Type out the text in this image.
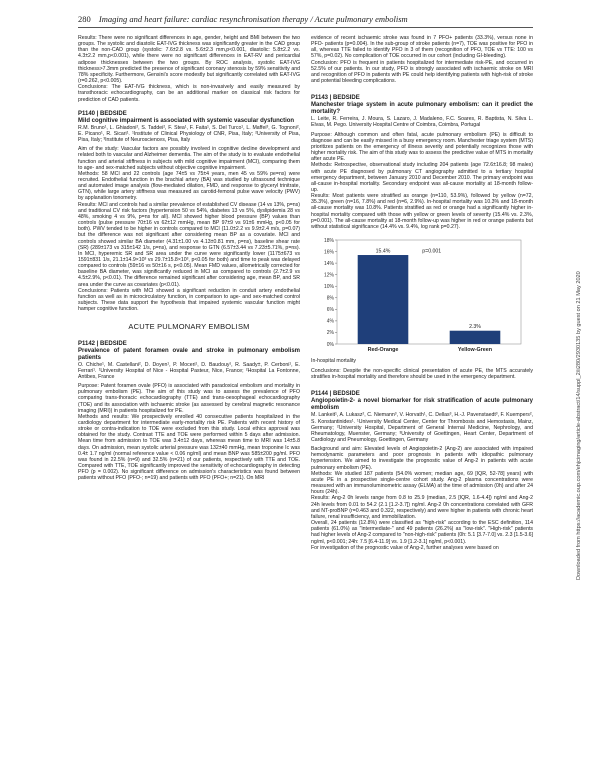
280 Imaging and heart failure: cardiac resynchronisation therapy / Acute pulmonary embolism

Results: There were no significant differences in age, gender, height and BMI between the two groups. The systolic and diastolic EAT-IVG thickness was significantly greater in the CAD group than the non-CAD group (systolic: 7.6±2.8 vs. 5.6±2.3 mm,p<0.001, diastolic: 5.8±2.2 vs. 4.3±2.2 mm,p<0.001), while there were no significant differences in EAT-RV and pericardial adipose thicknesses between the two groups. By ROC analysis, systolic EAT-IVG thickness>7.3mm predicted the presence of significant coronary stenosis by 59% sensitivity and 78% specificity. Furthermore, Gensini's score modestly but significantly correlated with EAT-IVG (r=0.262, p<0.005).

Conclusions: The EAT-IVG thickness, which is non-invasively and easily measured by transthoracic echocardiography, can be an additional marker on classical risk factors for prediction of CAD patients.

P1140 | BEDSIDE
Mild cognitive impairment is associated with systemic vascular dysfunction

R.M. Bruno¹, L. Ghiadoni², S. Taddei², F. Stea¹, F. Faita¹, S. Del Turco¹, L. Maffei³, G. Tognoni², E. Picano¹, R. Sicari¹. ¹Institute of Clinical Physiology of CNR, Pisa, Italy; ²University of Pisa, Pisa, Italy; ³Institute of Neurosciences, Pisa, Italy

Aim of the study: Vascular factors are possibly involved in cognitive decline development and related both to vascular and Alzheimer dementia. The aim of the study is to evaluate endothelial function and arterial stiffness in subjects with mild cognitive impairment (MCI), comparing them to age- and sex-matched subjects without objective cognitive impairment.

Methods: 58 MCI and 22 controls (age 74±5 vs 75±4 years, men 45 vs 59% pe=ns) were recruited. Endothelial function in the brachial artery (BA) was studied by ultrasound technique and automated image analysis (flow-mediated dilation, FMD, and response to glyceryl trinitrate, GTN), while large artery stiffness was measured as carotid-femoral pulse wave velocity (PWV) by applanation tonometry.

Results: MCI and controls had a similar prevalence of established CV disease (14 vs 13%, p=ns) and traditional CV risk factors (hypertension 50 vs 54%, diabetes 13 vs 5%, dyslipidemia 28 vs 48%, smoking 4 vs 9%, p=ns for all). MCI showed higher blood pressure (BP) values than controls (pulse pressure 70±16 vs 62±12 mmHg, mean BP 97±9 vs 91±6 mmHg, p<0.05 for both). PWV tended to be higher in controls compared to MCI (11.0±2.2 vs 9.9±2.4 m/s, p=0.07) but the difference was not significant after considering mean BP as a covariate. MCI and controls showed similar BA diameter (4.31±1.00 vs 4.13±0.81 mm, p=ns), baseline shear rate (SR) (289±173 vs 315±142 1/s, p=ns), and response to GTN (6.57±3.44 vs 7.23±5.71%, p=ns). In MCI, hyperemic SR and SR area under the curve were significantly lower (1175±673 vs 1591±831 1/s, 21.1±14.9×10³ vs 29.7±15.8×10³, p<0.05 for both) and time to peak was delayed compared to controls (59±16 vs 50±16 s, p<0.05). Mean FMD values, allometrically corrected for baseline BA diameter, was significantly reduced in MCI as compared to controls (2.7±2.9 vs 4.5±2.9%, p<0.01). The difference remained significant after considering age, mean BP, and SR area under the curve as covariates (p<0.01).

Conclusions: Patients with MCI showed a significant reduction in conduit artery endothelial function as well as in microcirculatory function, in comparison to age- and sex-matched control subjects. These data support the hypothesis that impaired systemic vascular function might hamper cognitive function.

ACUTE PULMONARY EMBOLISM
P1142 | BEDSIDE
Prevalence of patent foramen ovale and stroke in pulmonary embolism patients

O. Chiche¹, M. Castellani², D. Doyen¹, P. Moceri¹, D. Baudouy¹, R. Saady±, P. Cerboni¹, E. Ferrari¹. ¹University Hospital of Nice - Hospital Pasteur, Nice, France; ²Hospital La Fontonne, Antibes, France

Purpose: Patent foramen ovale (PFO) is associated with paradoxical embolism and mortality in pulmonary embolism (PE). The aim of this study was to assess the prevalence of PFO comparing trans-thoracic echocardiography (TTE) and trans-oesophageal echocardiography (TOE) and its association with ischaemic stroke (as assessed by cerebral magnetic resonance imaging (MRI)) in patients hospitalized for PE.

Methods and results: We prospectively enrolled 40 consecutive patients hospitalized in the cardiology department for intermediate early-mortality risk PE. Patients with recent history of stroke or contra-indication to TOE were excluded from this study. Local ethics approval was obtained for the study. Contrast TTE and TOE were performed within 5 days after admission. Mean time from admission to TOE was 3.4±12 days, whereas mean time to MRI was 14±5.8 days. On admission, mean systolic arterial pressure was 132±40 mmHg, mean troponine Ic was 0.4± 1.7 ng/ml (normal reference value < 0.06 ng/ml) and mean BNP was 585±200 pg/ml. PFO was found in 22.5% (n=9) and 32.5% (n=21) of our patients, respectively with TTE and TOE. Compared with TTE, TOE significantly improved the sensitivity of echocardiography in detecting PFO (p = 0.002). No significant difference on admission's characteristics was found between patients without PFO (PFO-; n=19) and patients with PFO (PFO+; n=21). On MRI

evidence of recent ischaemic stroke was found in 7 PFO+ patients (33.3%), versus none in PFO- patients (p=0.004). In the sub-group of stroke patients (n=7), TOE was positive for PFO in all, whereas TTE failed to identify PFO in 3 of them (recognition of PFO, TOE vs TTE: 100 vs 57%, p=0.02). No complication of TOE occurred in our cohort (including GI-bleeding).

Conclusion: PFO is frequent in patients hospitalized for intermediate risk-PE, and occurred in 52.5% of our patients. In our study, PFO is strongly associated with ischaemic stroke on MRI and recognition of PFO in patients with PE could help identifying patients with high-risk of stroke and potential bleeding complications.

P1143 | BEDSIDE
Manchester triage system in acute pulmonary embolism: can it predict the mortality?

L. Leite, R. Ferreira, J. Moura, S. Lazaro, J. Madaleno, F.C. Soares, R. Baptista, N. Silva L. Elvas, M. Pego. University Hospital Centre of Coimbra, Coimbra, Portugal

Purpose: Although common and often fatal, acute pulmonary embolism (PE) is difficult to diagnose and can be easily missed in a busy emergency room. Manchester triage system (MTS) prioritizes patients on the emergency of illness severity and potentially recognizes those with higher mortality risk. The aim of this study was to assess the predictive value of MTS in mortality after acute PE.

Methods: Retrospective, observational study including 204 patients (age 72.6±16.8; 98 males) with acute PE diagnosed by pulmonary CT angiography admitted to a tertiary hospital emergency department, between January 2010 and December 2010. The primary endpoint was all-cause in-hospital mortality. Secondary endpoint was all-cause mortality at 18-month follow-up.

Results: Most patients were stratified as orange (n=110, 53.9%), followed by yellow (n=72, 35.3%), green (n=16, 7.8%) and red (n=6, 2.9%). In-hospital mortality was 10.3% and 18-month all-cause mortality was 10.8%. Patients stratified as red or orange had a significantly higher in-hospital mortality compared with those with yellow or green levels of severity (15.4% vs. 2.3%, p=0.001). The all-cause mortality at 18-month follow-up was higher in red or orange patients but without statistical significance (14.4% vs. 9.4%, log rank p=0.27).

0%
2%
4%
6%
8%
10%
12%
14%
16%
18%
15.4%
Red-Orange
2.3%
Yellow-Green
p=0.001
In-hospital mortality

Conclusions: Despite the non-specific clinical presentation of acute PE, the MTS accurately stratifies in-hospital mortality and therefore should be used in the emergency department.

P1144 | BEDSIDE
Angiopoietin-2- a novel biomarker for risk stratification of acute pulmonary embolism

M. Lankeit¹, A. Lukasz², C. Niemann³, V. Horvath¹, C. Dellas³, H.-J. Pavenstaedt³, F. Kuempers², S. Konstantinides¹. ¹University Medical Center, Center for Thrombosis and Hemostasis, Mainz, Germany; ²University Hospital, Department of General Internal Medicine, Nephrology, and Rheumatology, Muenster, Germany; ³University of Goettingen, Heart Center, Department of Cardiology and Pneumology, Goettingen, Germany

Background and aim: Elevated levels of Angiopoietin-2 (Ang-2) are associated with impaired hemodynamic parameters and poor prognosis in patients with idiopathic pulmonary hypertension. We aimed to investigate the prognostic value of Ang-2 in patients with acute pulmonary embolism (PE).

Methods: We studied 187 patients (54.0% women; median age, 69 [IQR, 52-78] years) with acute PE in a prospective single-centre cohort study. Ang-2 plasma concentrations were measured with an immunoluminometric assay (ELMA) at the time of admission (0h) and after 24 hours (24h).

Results: Ang-2 0h levels range from 0.8 to 25.9 (median, 2.5 [IQR, 1.6-4.4]) ng/ml and Ang-2 24h levels from 0.01 to 54.2 (2.1 [1.2-3.7]) ng/ml. Ang-2 0h concentrations correlated with GFR and NT-proBNP (r=0.463 and 0.322, respectively) and were higher in patients with chronic heart failure, renal insufficiency, and immobilization.

Overall, 24 patients (12.8%) were classified as "high-risk" according to the ESC definition, 114 patients (61.0%) as "intermediate-" and 49 patients (26.2%) as "low-risk". "High-risk" patients had higher levels of Ang-2 compared to "non-high-risk" patients (0h: 5.1 [3.7-7.0] vs. 2.3 [1.5-3.6] ng/ml, p<0.001; 24h: 7.5 [6.4-11.9] vs. 1.9 [1.2-3.1] ng/ml, p<0.001).

For investigation of the prognostic value of Ang-2, further analyses were based on	Downloaded from https://academic.oup.com/ehjcimaging/article-abstract/14/suppl_2/ii280/2930135 by guest on 21 May 2020
